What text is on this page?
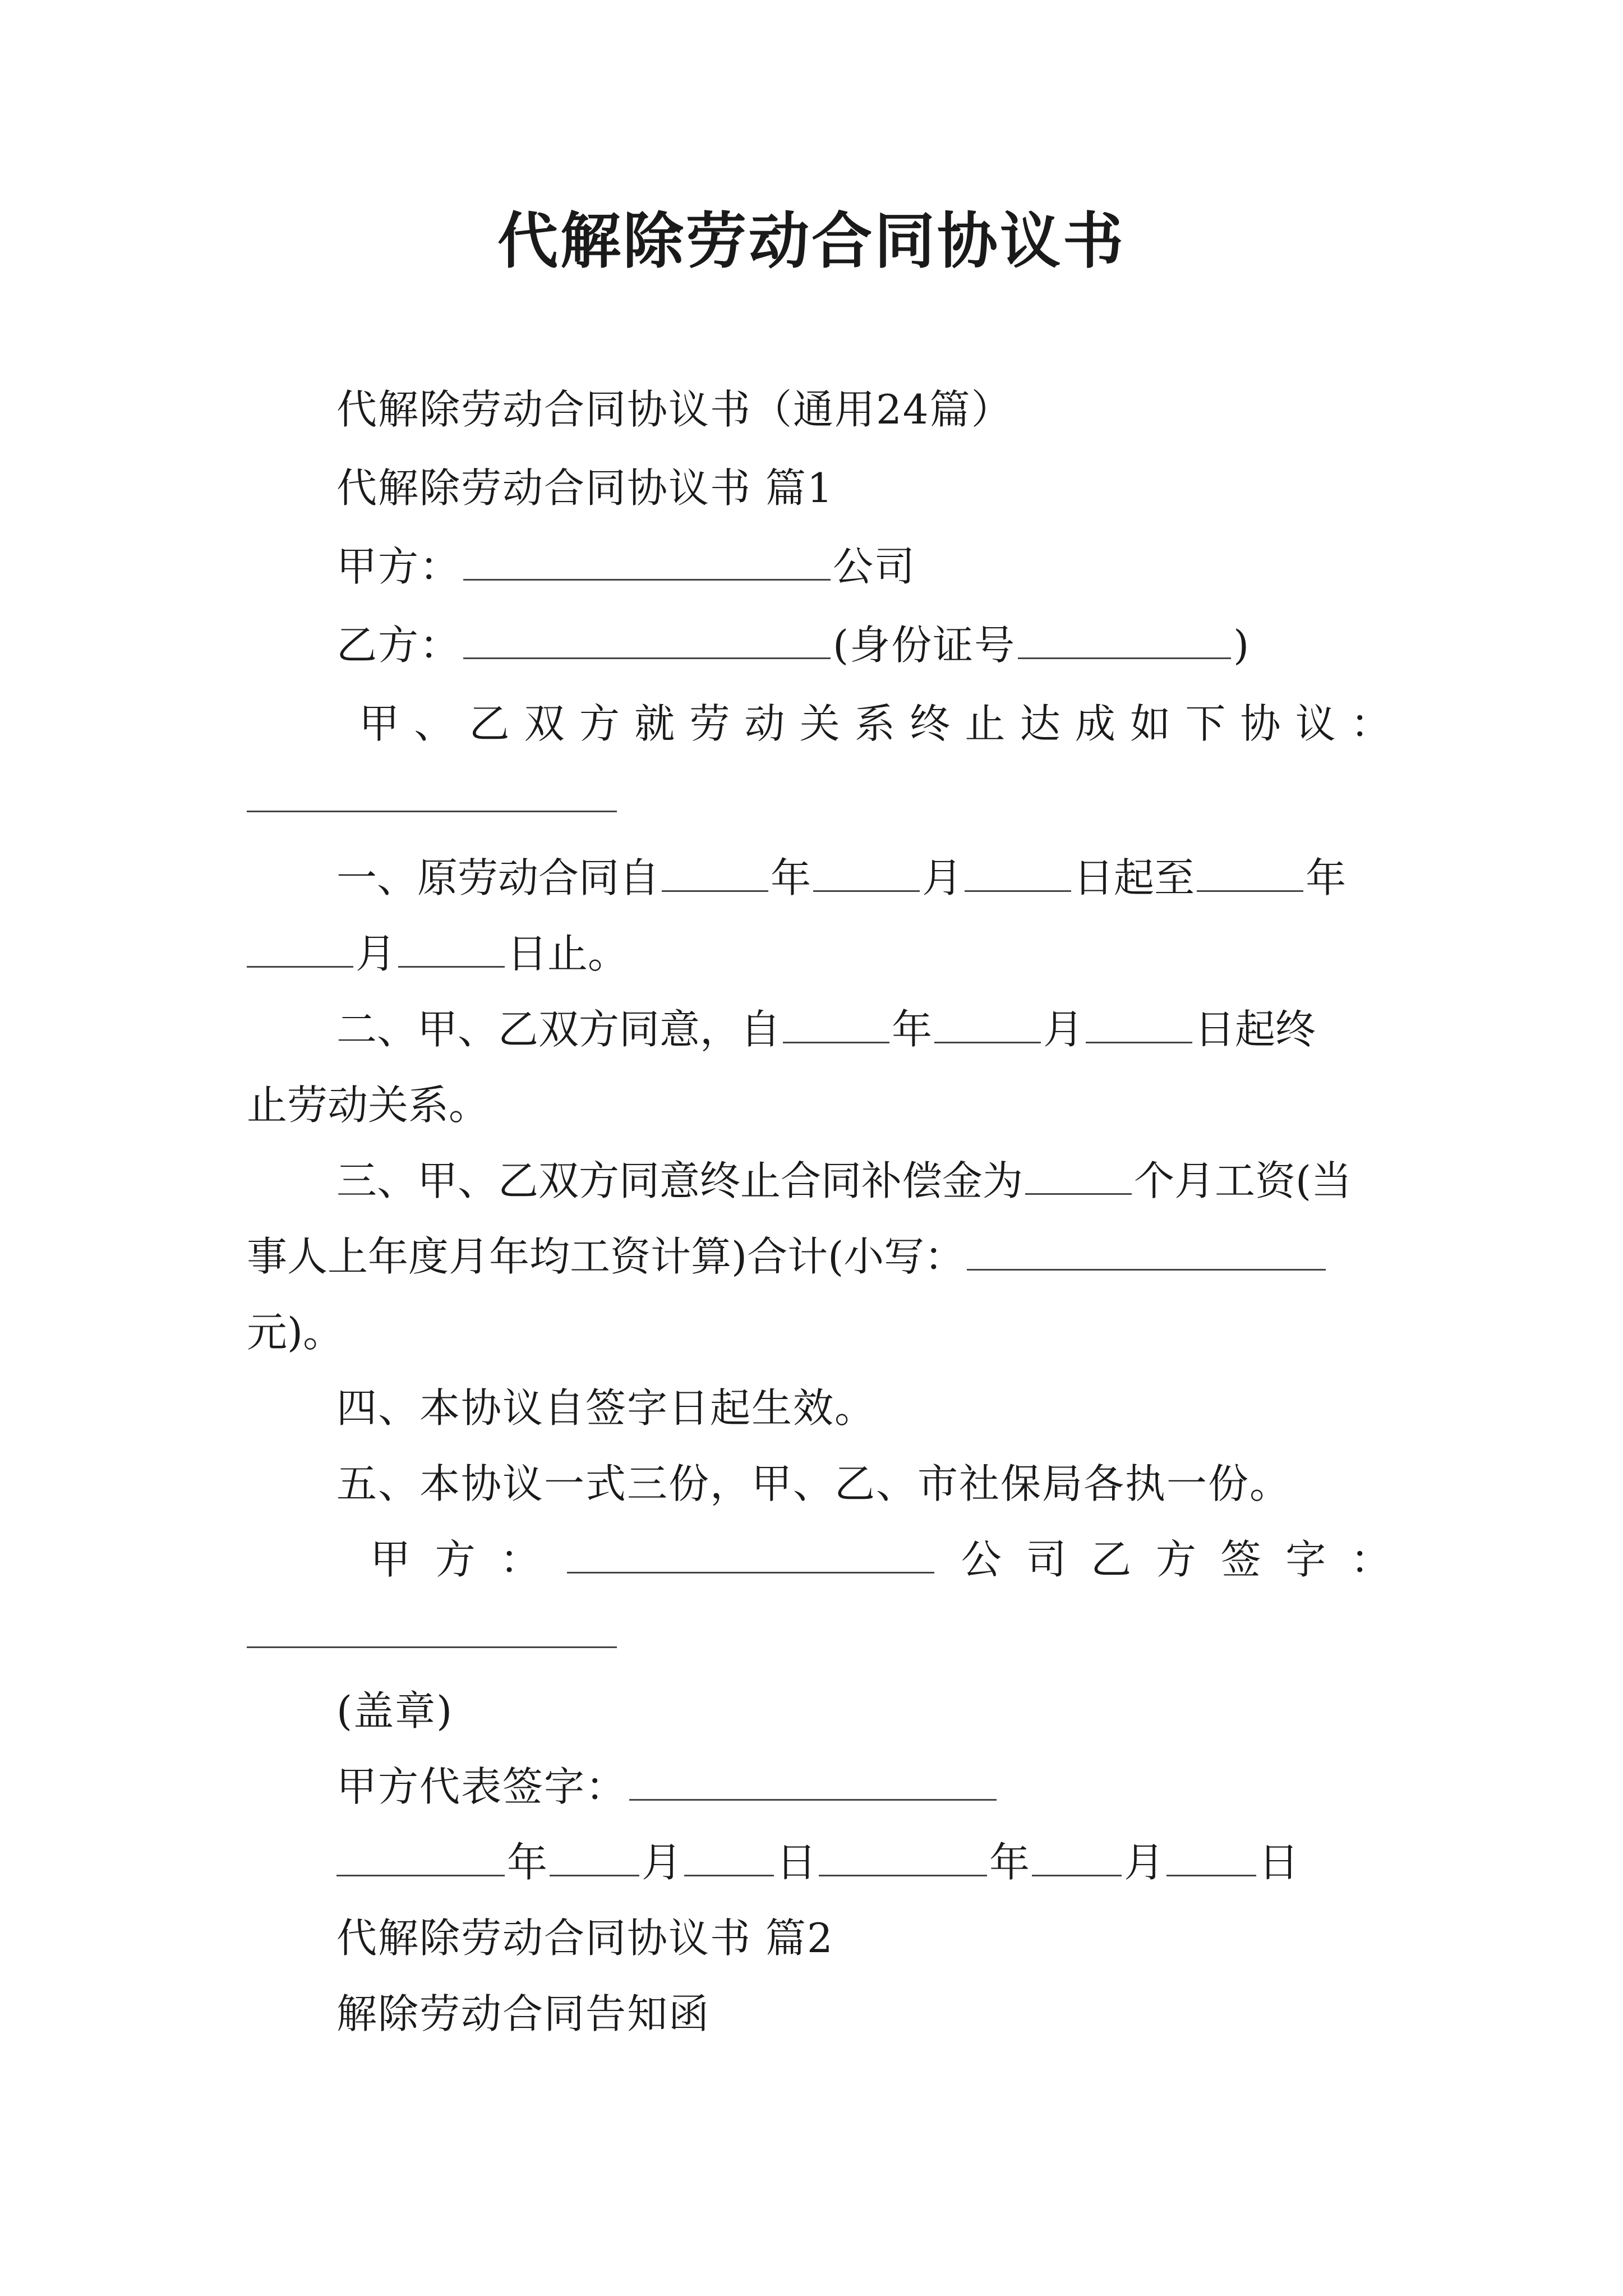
代解除劳动合同协议书
代解除劳动合同协议书（通用24篇）
代解除劳动合同协议书 篇1
甲方：	公司
乙方：	(身份证号	)
甲、乙双方就劳动关系终止达成如下协议：
一、原劳动合同自	年	月	日起至	年
月	日止。
二、甲、乙双方同意，自	年	月	日起终
止劳动关系。
三、甲、乙双方同意终止合同补偿金为	个月工资(当
事人上年度月年均工资计算)合计(小写：
元)。
四、本协议自签字日起生效。
五、本协议一式三份，甲、乙、市社保局各执一份。
甲方：	公司乙方签字：
(盖章)
甲方代表签字：
年 月 日	年 月 日
代解除劳动合同协议书 篇2
解除劳动合同告知函
